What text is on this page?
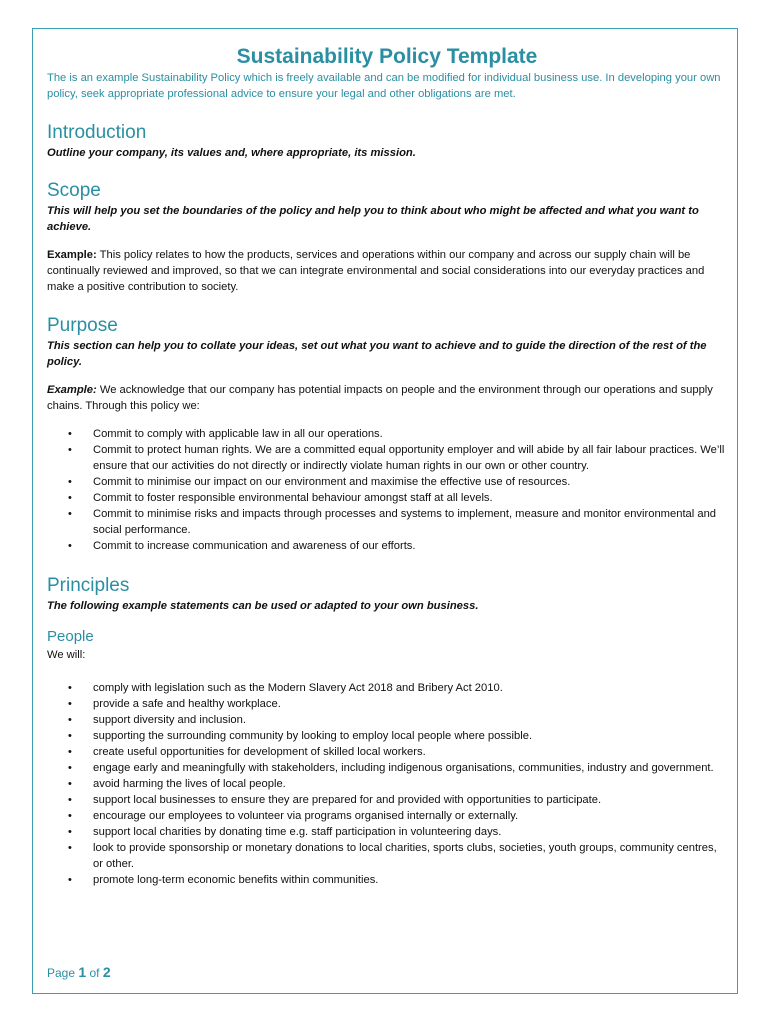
Sustainability Policy Template

The is an example Sustainability Policy which is freely available and can be modified for individual business use. In developing your own policy, seek appropriate professional advice to ensure your legal and other obligations are met.

Introduction

Outline your company, its values and, where appropriate, its mission.

Scope

This will help you set the boundaries of the policy and help you to think about who might be affected and what you want to achieve.

Example: This policy relates to how the products, services and operations within our company and across our supply chain will be continually reviewed and improved, so that we can integrate environmental and social considerations into our everyday practices and make a positive contribution to society.

Purpose

This section can help you to collate your ideas, set out what you want to achieve and to guide the direction of the rest of the policy.

Example: We acknowledge that our company has potential impacts on people and the environment through our operations and supply chains. Through this policy we:

• Commit to comply with applicable law in all our operations.
• Commit to protect human rights. We are a committed equal opportunity employer and will abide by all fair labour practices. We’ll ensure that our activities do not directly or indirectly violate human rights in our own or other country.
• Commit to minimise our impact on our environment and maximise the effective use of resources.
• Commit to foster responsible environmental behaviour amongst staff at all levels.
• Commit to minimise risks and impacts through processes and systems to implement, measure and monitor environmental and social performance.
• Commit to increase communication and awareness of our efforts.
Principles

The following example statements can be used or adapted to your own business.

People

We will:

• comply with legislation such as the Modern Slavery Act 2018 and Bribery Act 2010.
• provide a safe and healthy workplace.
• support diversity and inclusion.
• supporting the surrounding community by looking to employ local people where possible.
• create useful opportunities for development of skilled local workers.
• engage early and meaningfully with stakeholders, including indigenous organisations, communities, industry and government.
• avoid harming the lives of local people.
• support local businesses to ensure they are prepared for and provided with opportunities to participate.
• encourage our employees to volunteer via programs organised internally or externally.
• support local charities by donating time e.g. staff participation in volunteering days.
• look to provide sponsorship or monetary donations to local charities, sports clubs, societies, youth groups, community centres, or other.
• promote long-term economic benefits within communities.
Page 1 of 2
